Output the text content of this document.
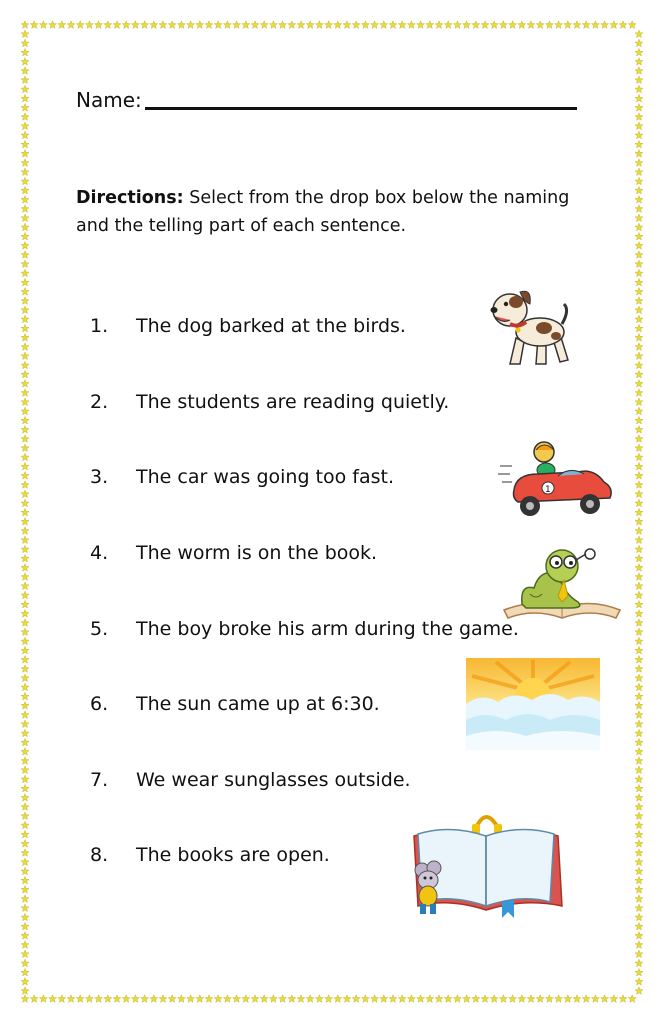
Name:
Directions: Select from the drop box below the naming and the telling part of each sentence.
1. The dog barked at the birds.
2. The students are reading quietly.
3. The car was going too fast.
4. The worm is on the book.
5. The boy broke his arm during the game.
6. The sun came up at 6:30.
7. We wear sunglasses outside.
8. The books are open.
1
